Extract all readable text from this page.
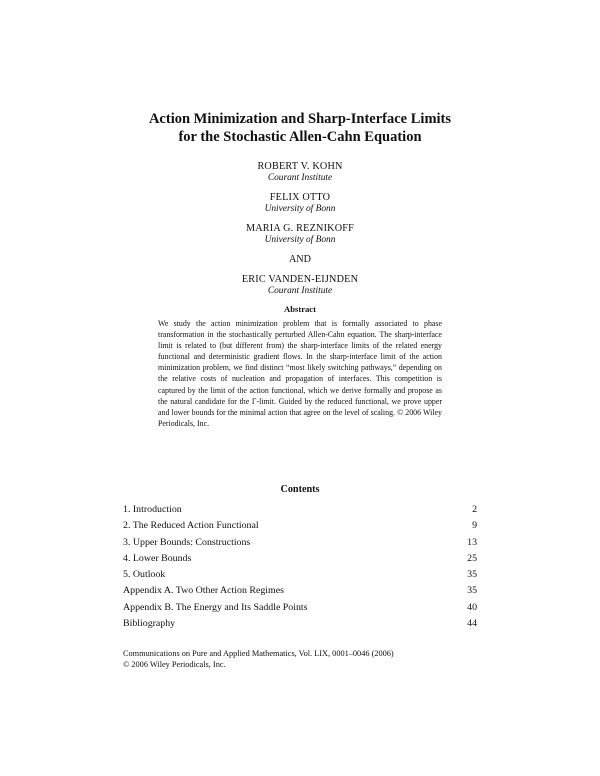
Action Minimization and Sharp-Interface Limits
for the Stochastic Allen-Cahn Equation
ROBERT V. KOHN
Courant Institute
FELIX OTTO
University of Bonn
MARIA G. REZNIKOFF
University of Bonn
AND
ERIC VANDEN-EIJNDEN
Courant Institute
Abstract
We study the action minimization problem that is formally associated to phase transformation in the stochastically perturbed Allen-Cahn equation. The sharp-interface limit is related to (but different from) the sharp-interface limits of the related energy functional and deterministic gradient flows. In the sharp-interface limit of the action minimization problem, we find distinct “most likely switching pathways,” depending on the relative costs of nucleation and propagation of interfaces. This competition is captured by the limit of the action functional, which we derive formally and propose as the natural candidate for the Γ-limit. Guided by the reduced functional, we prove upper and lower bounds for the minimal action that agree on the level of scaling. © 2006 Wiley Periodicals, Inc.
Contents
1. Introduction	2
2. The Reduced Action Functional	9
3. Upper Bounds: Constructions	13
4. Lower Bounds	25
5. Outlook	35
Appendix A. Two Other Action Regimes	35
Appendix B. The Energy and Its Saddle Points	40
Bibliography	44
Communications on Pure and Applied Mathematics, Vol. LIX, 0001–0046 (2006)
© 2006 Wiley Periodicals, Inc.
